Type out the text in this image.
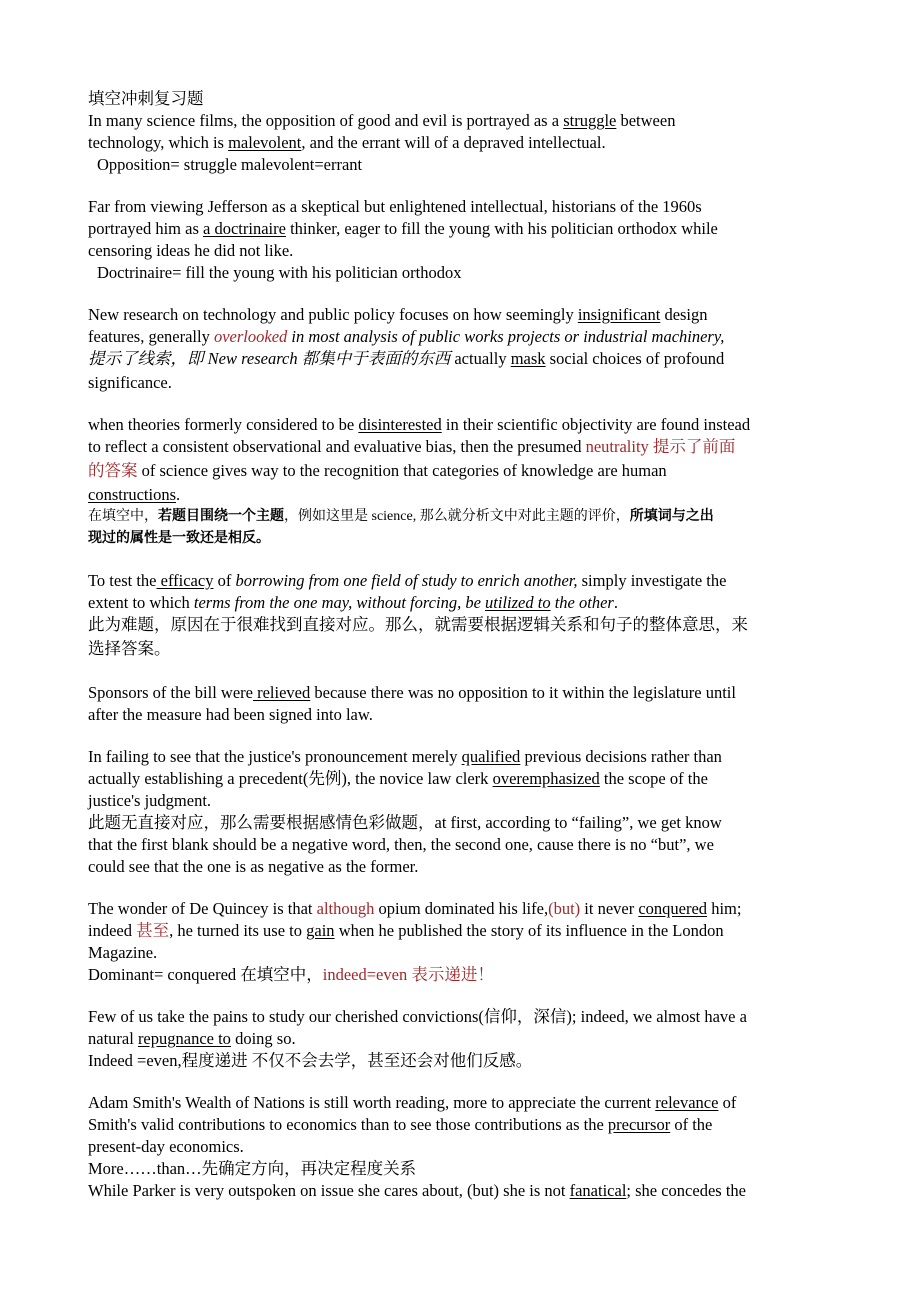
填空冲刺复习题
In many science films, the opposition of good and evil is portrayed as a struggle between
technology, which is malevolent, and the errant will of a depraved intellectual.
Opposition= struggle malevolent=errant
Far from viewing Jefferson as a skeptical but enlightened intellectual, historians of the 1960s
portrayed him as a doctrinaire thinker, eager to fill the young with his politician orthodox while
censoring ideas he did not like.
Doctrinaire= fill the young with his politician orthodox
New research on technology and public policy focuses on how seemingly insignificant design
features, generally overlooked in most analysis of public works projects or industrial machinery,
提示了线索，即 New research 都集中于表面的东西 actually mask social choices of profound
significance.
when theories formerly considered to be disinterested in their scientific objectivity are found instead
to reflect a consistent observational and evaluative bias, then the presumed neutrality 提示了前面
的答案 of science gives way to the recognition that categories of knowledge are human
constructions.
在填空中，若题目围绕一个主题，例如这里是 science, 那么就分析文中对此主题的评价，所填词与之出
现过的属性是一致还是相反。
To test the efficacy of borrowing from one field of study to enrich another, simply investigate the
extent to which terms from the one may, without forcing, be utilized to the other.
此为难题，原因在于很难找到直接对应。那么，就需要根据逻辑关系和句子的整体意思，来
选择答案。
Sponsors of the bill were relieved because there was no opposition to it within the legislature until
after the measure had been signed into law.
In failing to see that the justice's pronouncement merely qualified previous decisions rather than
actually establishing a precedent(先例), the novice law clerk overemphasized the scope of the
justice's judgment.
此题无直接对应，那么需要根据感情色彩做题，at first, according to “failing”, we get know
that the first blank should be a negative word, then, the second one, cause there is no “but”, we
could see that the one is as negative as the former.
The wonder of De Quincey is that although opium dominated his life,(but) it never conquered him;
indeed 甚至, he turned its use to gain when he published the story of its influence in the London
Magazine.
Dominant= conquered 在填空中，indeed=even 表示递进！
Few of us take the pains to study our cherished convictions(信仰，深信); indeed, we almost have a
natural repugnance to doing so.
Indeed =even,程度递进 不仅不会去学，甚至还会对他们反感。
Adam Smith's Wealth of Nations is still worth reading, more to appreciate the current relevance of
Smith's valid contributions to economics than to see those contributions as the precursor of the
present-day economics.
More……than…先确定方向，再决定程度关系
While Parker is very outspoken on issue she cares about, (but) she is not fanatical; she concedes the
